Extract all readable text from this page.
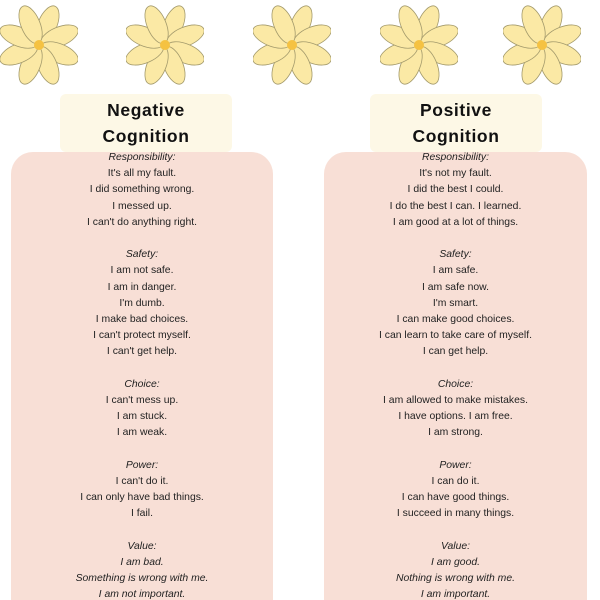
Negative
Cognition
Positive
Cognition
Responsibility:
It's all my fault.
I did something wrong.
I messed up.
I can't do anything right.
Safety:
I am not safe.
I am in danger.
I'm dumb.
I make bad choices.
I can't protect myself.
I can't get help.
Choice:
I can't mess up.
I am stuck.
I am weak.
Power:
I can't do it.
I can only have bad things.
I fail.
Value:
I am bad.
Something is wrong with me.
I am not important.
Responsibility:
It's not my fault.
I did the best I could.
I do the best I can. I learned.
I am good at a lot of things.
Safety:
I am safe.
I am safe now.
I'm smart.
I can make good choices.
I can learn to take care of myself.
I can get help.
Choice:
I am allowed to make mistakes.
I have options. I am free.
I am strong.
Power:
I can do it.
I can have good things.
I succeed in many things.
Value:
I am good.
Nothing is wrong with me.
I am important.
